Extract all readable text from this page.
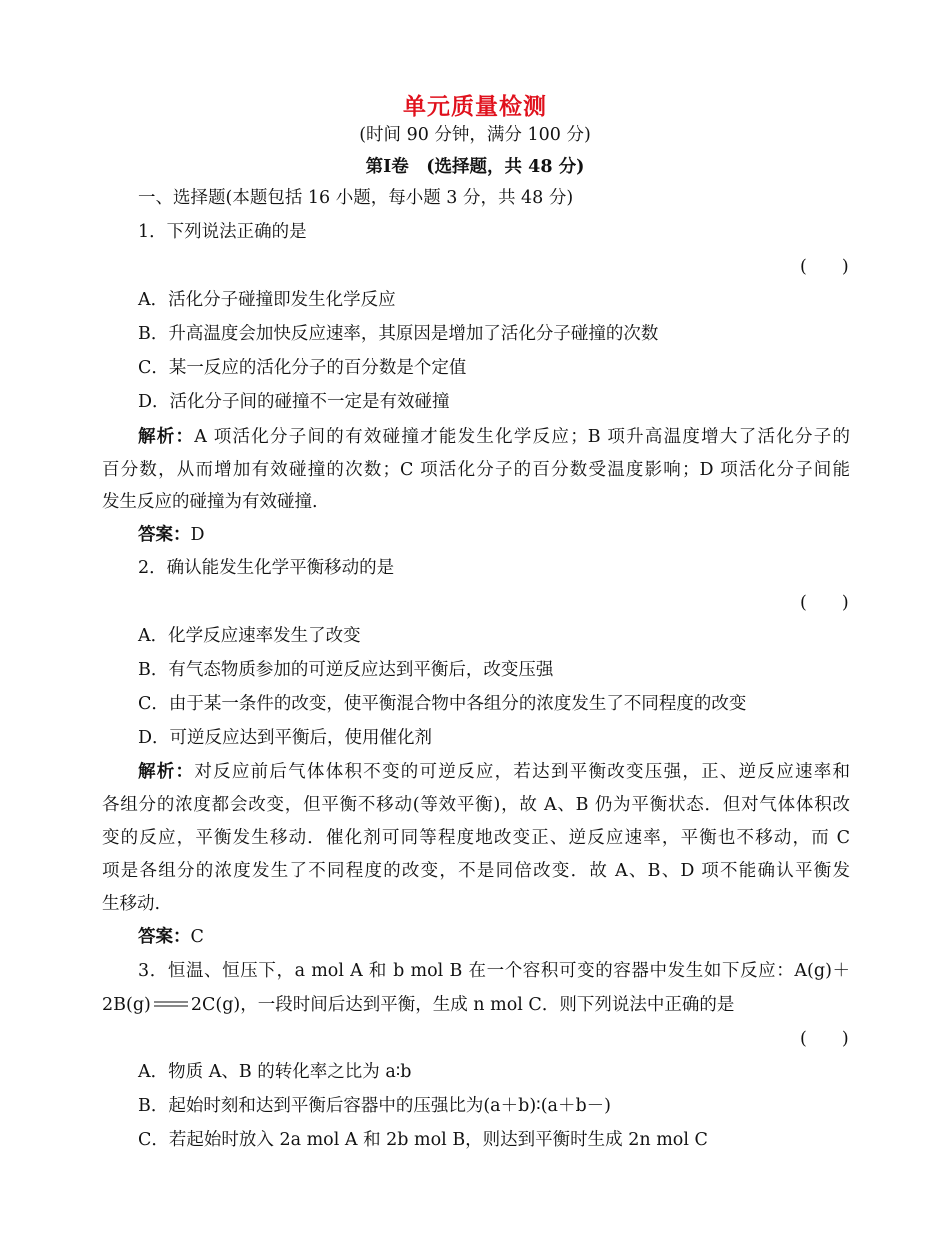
单元质量检测
(时间 90 分钟，满分 100 分)
第Ⅰ卷　 (选择题，共 48 分)
一、选择题(本题包括 16 小题，每小题 3 分，共 48 分)
1．下列说法正确的是
(　　)
A．活化分子碰撞即发生化学反应
B．升高温度会加快反应速率，其原因是增加了活化分子碰撞的次数
C．某一反应的活化分子的百分数是个定值
D．活化分子间的碰撞不一定是有效碰撞
解析：A 项活化分子间的有效碰撞才能发生化学反应；B 项升高温度增大了活化分子的
百分数，从而增加有效碰撞的次数；C 项活化分子的百分数受温度影响；D 项活化分子间能
发生反应的碰撞为有效碰撞.
答案：D
2．确认能发生化学平衡移动的是
(　　)
A．化学反应速率发生了改变
B．有气态物质参加的可逆反应达到平衡后，改变压强
C．由于某一条件的改变，使平衡混合物中各组分的浓度发生了不同程度的改变
D．可逆反应达到平衡后，使用催化剂
解析：对反应前后气体体积不变的可逆反应，若达到平衡改变压强，正、逆反应速率和
各组分的浓度都会改变，但平衡不移动(等效平衡)，故 A、B 仍为平衡状态．但对气体体积改
变的反应，平衡发生移动．催化剂可同等程度地改变正、逆反应速率，平衡也不移动，而 C
项是各组分的浓度发生了不同程度的改变，不是同倍改变．故 A、B、D 项不能确认平衡发
生移动.
答案：C
3．恒温、恒压下，a mol A 和 b mol B 在一个容积可变的容器中发生如下反应：A(g)＋
2B(g) 2C(g)，一段时间后达到平衡，生成 n mol C．则下列说法中正确的是
(　　)
A．物质 A、B 的转化率之比为 a∶b
B．起始时刻和达到平衡后容器中的压强比为(a＋b)∶(a＋b－)
C．若起始时放入 2a mol A 和 2b mol B，则达到平衡时生成 2n mol C
